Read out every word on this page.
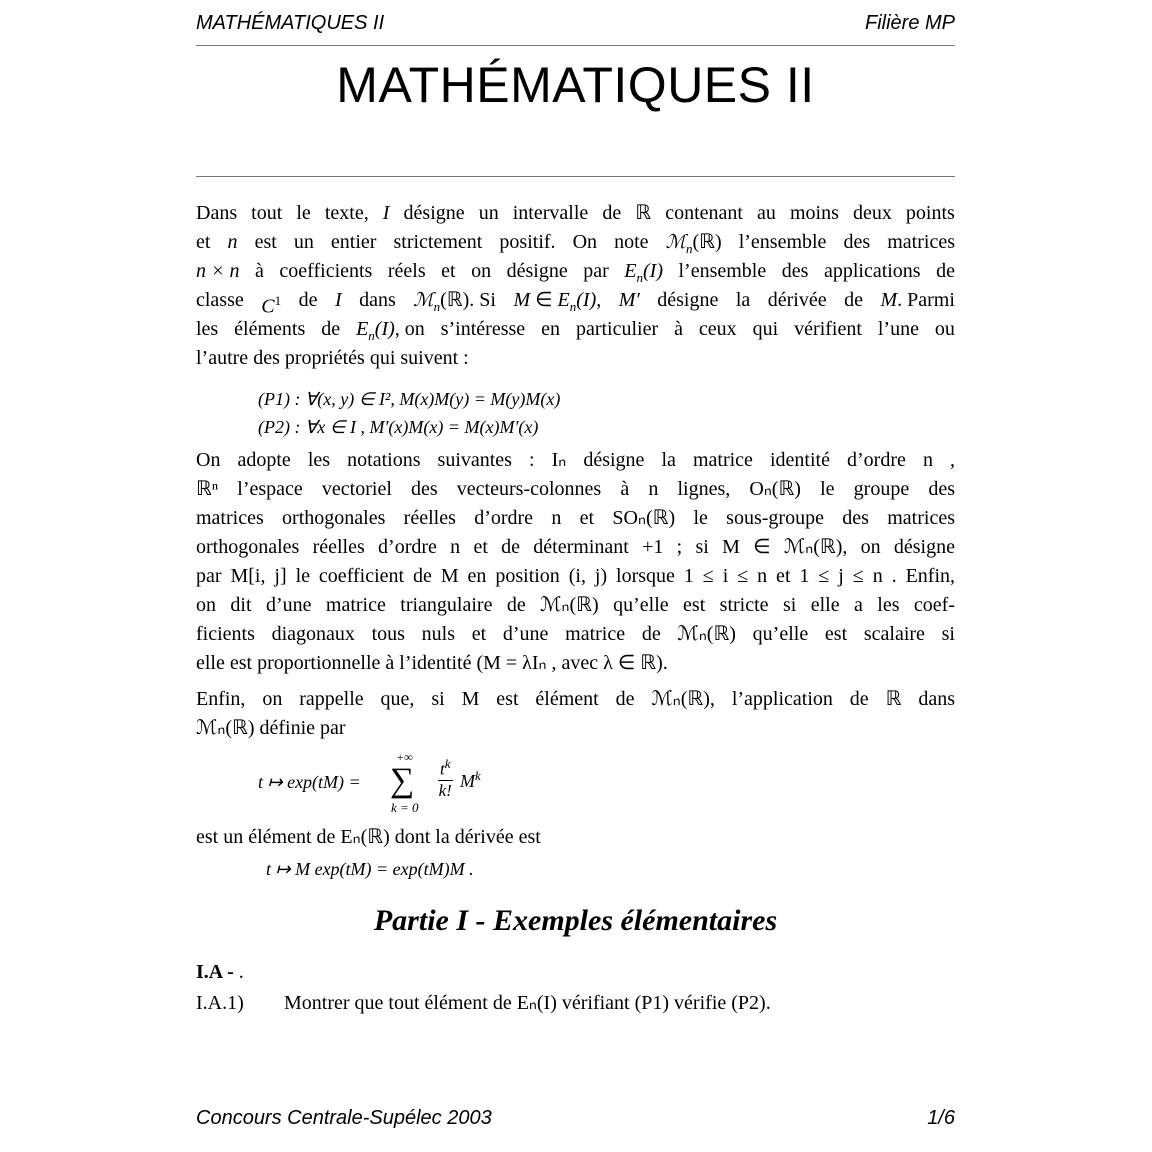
MATHÉMATIQUES II	Filière MP
MATHÉMATIQUES II
Dans tout le texte, I désigne un intervalle de ℝ contenant au moins deux points
et n est un entier strictement positif. On note ℳ$_n$(ℝ) l’ensemble des matrices
n × n à coefficients réels et on désigne par $E_n(I)$ l’ensemble des applications de
classe $C^1$ de I dans ℳ$_n$(ℝ). Si M ∈ $E_n(I)$, M′ désigne la dérivée de M. Parmi
les éléments de $E_n(I)$, on s’intéresse en particulier à ceux qui vérifient l’une ou
l’autre des propriétés qui suivent :
(P1) : ∀(x, y) ∈ I², M(x)M(y) = M(y)M(x)
(P2) : ∀x ∈ I , M′(x)M(x) = M(x)M′(x)
On adopte les notations suivantes : Iₙ désigne la matrice identité d’ordre n ,
ℝⁿ l’espace vectoriel des vecteurs-colonnes à n lignes, Oₙ(ℝ) le groupe des
matrices orthogonales réelles d’ordre n et SOₙ(ℝ) le sous-groupe des matrices
orthogonales réelles d’ordre n et de déterminant +1 ; si M ∈ ℳₙ(ℝ), on désigne
par M[i, j] le coefficient de M en position (i, j) lorsque 1 ≤ i ≤ n et 1 ≤ j ≤ n . Enfin,
on dit d’une matrice triangulaire de ℳₙ(ℝ) qu’elle est stricte si elle a les coef-
ficients diagonaux tous nuls et d’une matrice de ℳₙ(ℝ) qu’elle est scalaire si
elle est proportionnelle à l’identité (M = λIₙ , avec λ ∈ ℝ).
Enfin, on rappelle que, si M est élément de ℳₙ(ℝ), l’application de ℝ dans
ℳₙ(ℝ) définie par
t ↦ exp(tM) =
+∞
∑
k = 0
$\frac{t^k}{k!} M^k$
est un élément de Eₙ(ℝ) dont la dérivée est
t ↦ M exp(tM) = exp(tM)M .
Partie I - Exemples élémentaires
I.A - .
I.A.1) Montrer que tout élément de Eₙ(I) vérifiant (P1) vérifie (P2).
Concours Centrale-Supélec 2003	1/6
